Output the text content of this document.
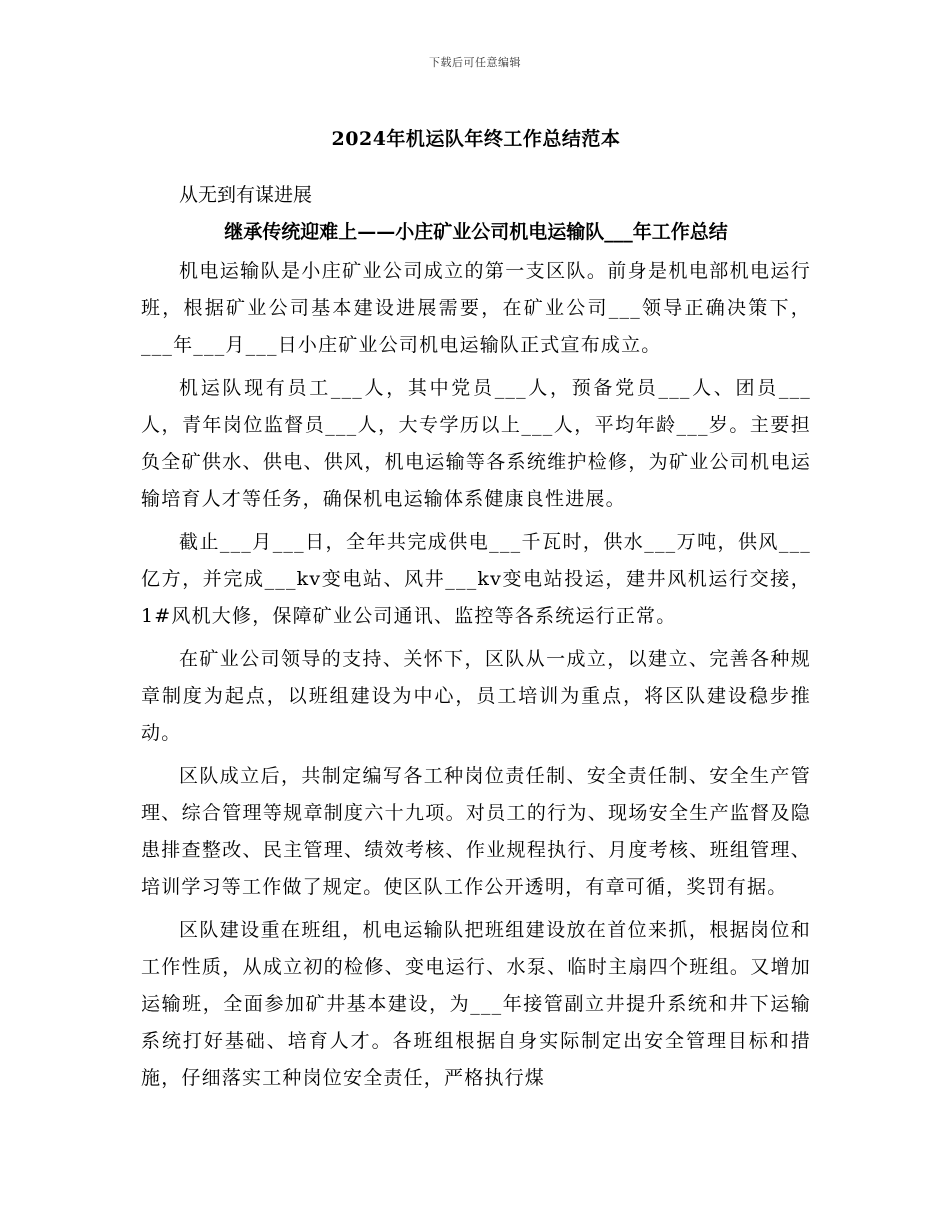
下载后可任意编辑
2024年机运队年终工作总结范本
从无到有谋进展
继承传统迎难上——小庄矿业公司机电运输队___年工作总结

机电运输队是小庄矿业公司成立的第一支区队。前身是机电部机电运行班，根据矿业公司基本建设进展需要，在矿业公司___领导正确决策下，___年___月___日小庄矿业公司机电运输队正式宣布成立。

机运队现有员工___人，其中党员___人，预备党员___人、团员___人，青年岗位监督员___人，大专学历以上___人，平均年龄___岁。主要担负全矿供水、供电、供风，机电运输等各系统维护检修，为矿业公司机电运输培育人才等任务，确保机电运输体系健康良性进展。

截止___月___日，全年共完成供电___千瓦时，供水___万吨，供风___亿方，并完成___kv变电站、风井___kv变电站投运，建井风机运行交接，1#风机大修，保障矿业公司通讯、监控等各系统运行正常。

在矿业公司领导的支持、关怀下，区队从一成立，以建立、完善各种规章制度为起点，以班组建设为中心，员工培训为重点，将区队建设稳步推动。

区队成立后，共制定编写各工种岗位责任制、安全责任制、安全生产管理、综合管理等规章制度六十九项。对员工的行为、现场安全生产监督及隐患排查整改、民主管理、绩效考核、作业规程执行、月度考核、班组管理、培训学习等工作做了规定。使区队工作公开透明，有章可循，奖罚有据。

区队建设重在班组，机电运输队把班组建设放在首位来抓，根据岗位和工作性质，从成立初的检修、变电运行、水泵、临时主扇四个班组。又增加运输班，全面参加矿井基本建设，为___年接管副立井提升系统和井下运输系统打好基础、培育人才。各班组根据自身实际制定出安全管理目标和措施，仔细落实工种岗位安全责任，严格执行煤
